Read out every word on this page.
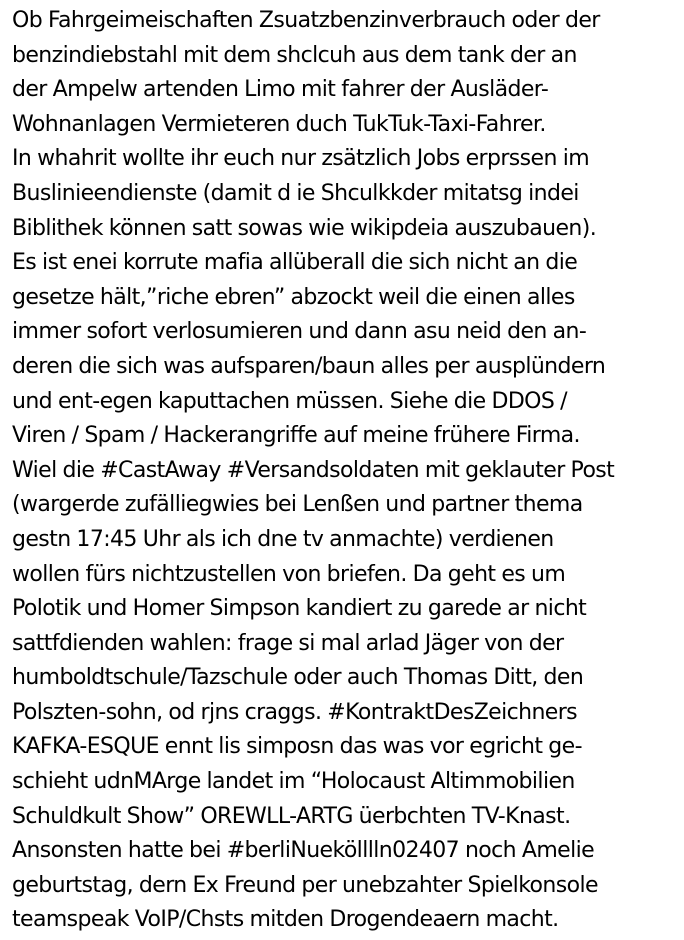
Ob Fahrgeimeischaften Zsuatzbenzinverbrauch oder der
benzindiebstahl mit dem shclcuh aus dem tank der an
der Ampelw artenden Limo mit fahrer der Ausläder-
Wohnanlagen Vermieteren duch TukTuk-Taxi-Fahrer.
In whahrit wollte ihr euch nur zsätzlich Jobs erprssen im
Buslinieendienste (damit d ie Shculkkder mitatsg indei
Biblithek können satt sowas wie wikipdeia auszubauen).
Es ist enei korrute mafia allüberall die sich nicht an die
gesetze hält,”riche ebren” abzockt weil die einen alles
immer sofort verlosumieren und dann asu neid den an-
deren die sich was aufsparen/baun alles per ausplündern
und ent-egen kaputtachen müssen. Siehe die DDOS /
Viren / Spam / Hackerangriffe auf meine frühere Firma.
Wiel die #CastAway #Versandsoldaten mit geklauter Post
(wargerde zufälliegwies bei Lenßen und partner thema
gestn 17:45 Uhr als ich dne tv anmachte) verdienen
wollen fürs nichtzustellen von briefen. Da geht es um
Polotik und Homer Simpson kandiert zu garede ar nicht
sattfdienden wahlen: frage si mal arlad Jäger von der
humboldtschule/Tazschule oder auch Thomas Ditt, den
Polszten-sohn, od rjns craggs. #KontraktDesZeichners
KAFKA-ESQUE ennt lis simposn das was vor egricht ge-
schieht udnMArge landet im “Holocaust Altimmobilien
Schuldkult Show” OREWLL-ARTG üerbchten TV-Knast.
Ansonsten hatte bei #berliNuekölllln02407 noch Amelie
geburtstag, dern Ex Freund per unebzahter Spielkonsole
teamspeak VoIP/Chsts mitden Drogendeaern macht.
